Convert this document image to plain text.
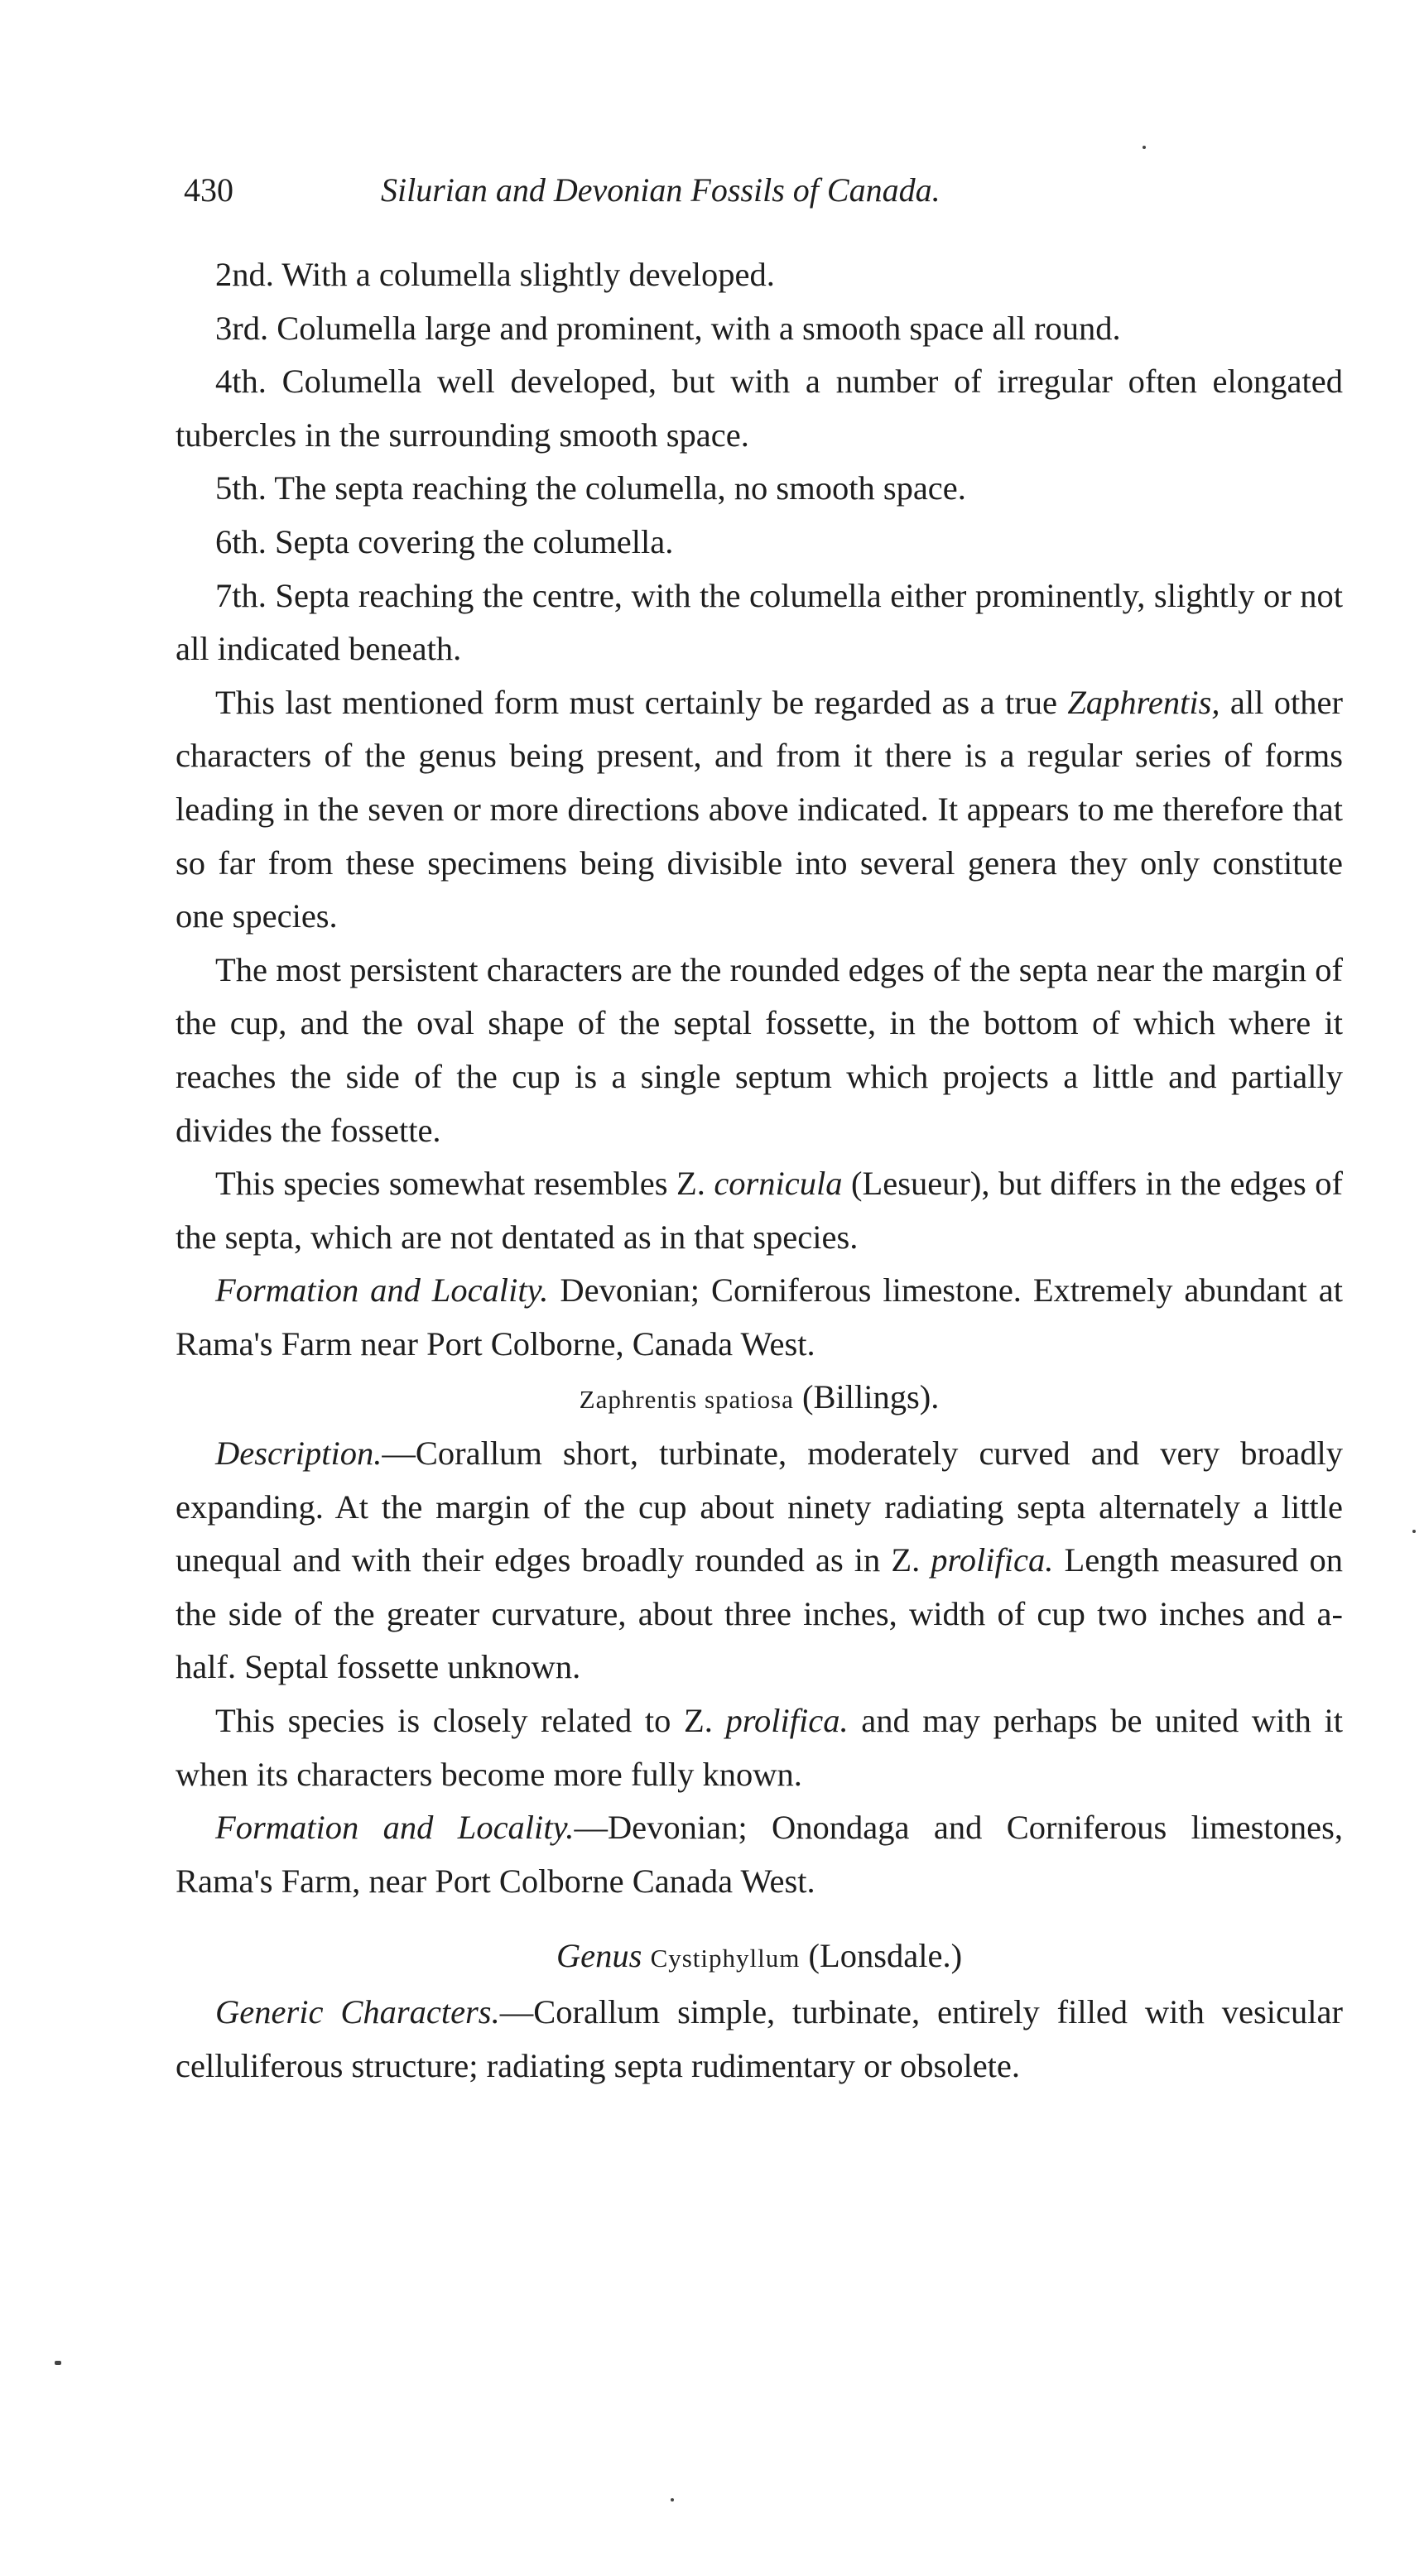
430	Silurian and Devonian Fossils of Canada.

2nd. With a columella slightly developed.

3rd. Columella large and prominent, with a smooth space all round.

4th. Columella well developed, but with a number of irregular often elongated tubercles in the surrounding smooth space.

5th. The septa reaching the columella, no smooth space.

6th. Septa covering the columella.

7th. Septa reaching the centre, with the columella either prominently, slightly or not all indicated beneath.

This last mentioned form must certainly be regarded as a true Zaphrentis, all other characters of the genus being present, and from it there is a regular series of forms leading in the seven or more directions above indicated. It appears to me therefore that so far from these specimens being divisible into several genera they only constitute one species.

The most persistent characters are the rounded edges of the septa near the margin of the cup, and the oval shape of the septal fossette, in the bottom of which where it reaches the side of the cup is a single septum which projects a little and partially divides the fossette.

This species somewhat resembles Z. cornicula (Lesueur), but differs in the edges of the septa, which are not dentated as in that species.

Formation and Locality. Devonian; Corniferous limestone. Extremely abundant at Rama's Farm near Port Colborne, Canada West.

Zaphrentis spatiosa (Billings).

Description.—Corallum short, turbinate, moderately curved and very broadly expanding. At the margin of the cup about ninety radiating septa alternately a little unequal and with their edges broadly rounded as in Z. prolifica. Length measured on the side of the greater curvature, about three inches, width of cup two inches and a-half. Septal fossette unknown.

This species is closely related to Z. prolifica. and may perhaps be united with it when its characters become more fully known.

Formation and Locality.—Devonian; Onondaga and Corniferous limestones, Rama's Farm, near Port Colborne Canada West.

Genus Cystiphyllum (Lonsdale.)

Generic Characters.—Corallum simple, turbinate, entirely filled with vesicular celluliferous structure; radiating septa rudimentary or obsolete.
